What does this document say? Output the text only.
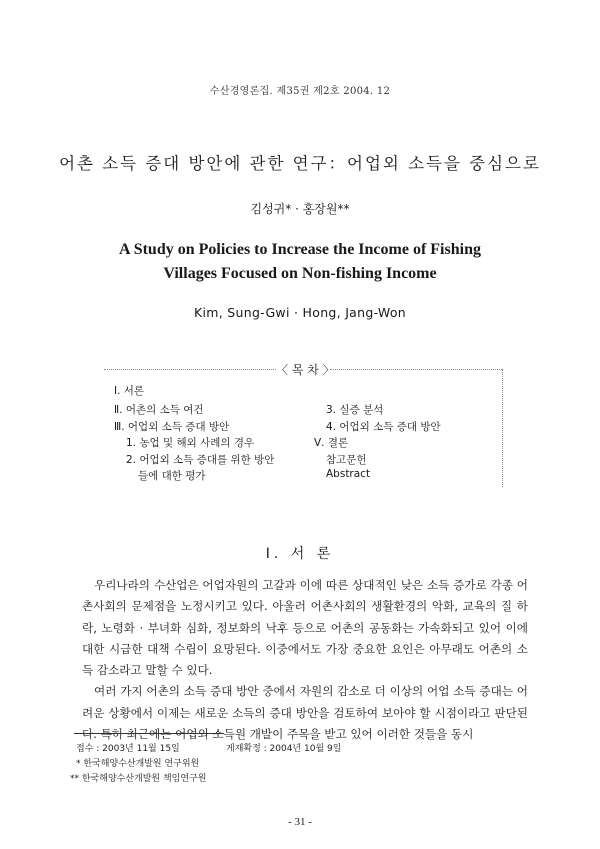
수산경영론집. 제35권 제2호 2004. 12
어촌 소득 증대 방안에 관한 연구：어업외 소득을 중심으로
김성귀* · 홍장원**
A Study on Policies to Increase the Income of Fishing
Villages Focused on Non-fishing Income
Kim, Sung-Gwi · Hong, Jang-Won
〈 목 차 〉
Ⅰ. 서론
Ⅱ. 어촌의 소득 여건
Ⅲ. 어업외 소득 증대 방안
1. 농업 및 해외 사례의 경우
2. 어업외 소득 증대를 위한 방안
들에 대한 평가
3. 실증 분석
4. 어업외 소득 증대 방안
Ⅴ. 결론
참고문헌
Abstract
Ⅰ. 서 론

우리나라의 수산업은 어업자원의 고갈과 이에 따른 상대적인 낮은 소득 증가로 각종 어촌사회의 문제점을 노정시키고 있다. 아울러 어촌사회의 생활환경의 악화, 교육의 질 하락, 노령화 · 부녀화 심화, 정보화의 낙후 등으로 어촌의 공동화는 가속화되고 있어 이에 대한 시급한 대책 수립이 요망된다. 이중에서도 가장 중요한 요인은 아무래도 어촌의 소득 감소라고 말할 수 있다.

여러 가지 어촌의 소득 증대 방안 중에서 자원의 감소로 더 이상의 어업 소득 증대는 어려운 상황에서 이제는 새로운 소득의 증대 방안을 검토하여 보아야 할 시점이라고 판단된다. 특히 최근에는 어업외 소득원 개발이 주목을 받고 있어 이러한 것들을 동시

접수 : 2003년 11월 15일	게재확정 : 2004년 10월 9일
* 한국해양수산개발원 연구위원
** 한국해양수산개발원 책임연구원
- 31 -
